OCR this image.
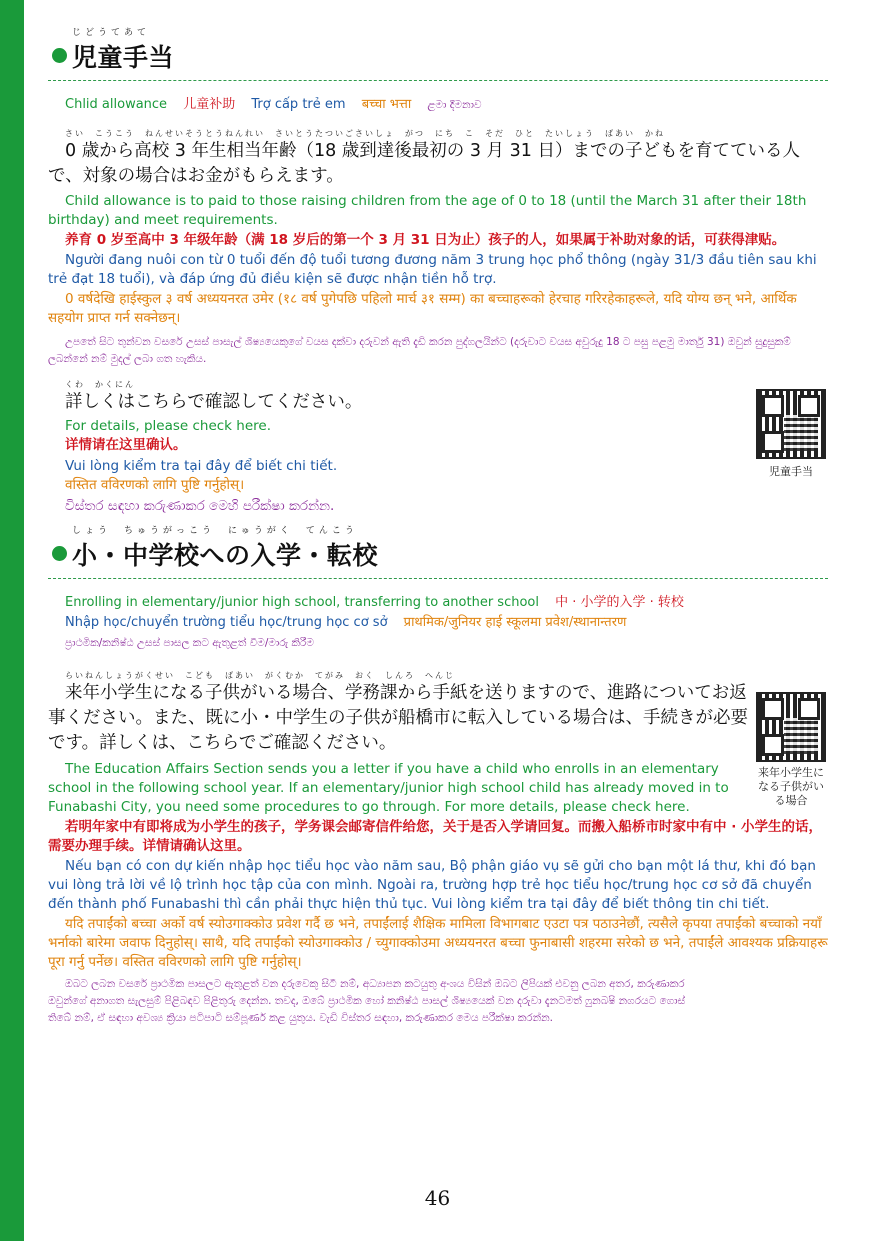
じどうてあて
児童手当
Chlid allowance 儿童补助 Trợ cấp trẻ em बच्चा भत्ता ළමා දීමනාව
さい　こうこう　ねんせいそうとうねんれい　さいとうたついごさいしょ　がつ　にち　こ　そだ　ひと　たいしょう　ばあい　かね

0 歳から高校 3 年生相当年齢（18 歳到達後最初の 3 月 31 日）までの子どもを育てている人で、対象の場合はお金がもらえます。

Child allowance is to paid to those raising children from the age of 0 to 18 (until the March 31 after their 18th birthday) and meet requirements.

养育 0 岁至高中 3 年级年龄（满 18 岁后的第一个 3 月 31 日为止）孩子的人，如果属于补助对象的话，可获得津贴。

Người đang nuôi con từ 0 tuổi đến độ tuổi tương đương năm 3 trung học phổ thông (ngày 31/3 đầu tiên sau khi trẻ đạt 18 tuổi), và đáp ứng đủ điều kiện sẽ được nhận tiền hỗ trợ.

0 वर्षदेखि हाईस्कुल ३ वर्ष अध्ययनरत उमेर (१८ वर्ष पुगेपछि पहिलो मार्च ३१ सम्म) का बच्चाहरूको हेरचाह गरिरहेकाहरूले, यदि योग्य छन् भने, आर्थिक सहयोग प्राप्त गर्न सक्नेछन्।

උපතේ සිට තුන්වන වසරේ උසස් පාසැල් ශිෂ්‍යයෙකුගේ වයස දක්වා දරුවන් ඇති දැඩි කරන පුද්ගලයින්ට (දරුවාට වයස අවුරුදු 18 ට පසු පළමු මාර්තු 31) ඔවුන් සුදුසුකම් ලබන්නේ නම් මුදල් ලබා ගත හැකිය.

くわ　かくにん

詳しくはこちらで確認してください。

For details, please check here.

详情请在这里确认。

Vui lòng kiểm tra tại đây để biết chi tiết.

वस्तित वविरणको लागि पुष्टि गर्नुहोस्।

විස්තර සඳහා කරුණාකර මෙහි පරීක්ෂා කරන්න.

児童手当
しょう　ちゅうがっこう　にゅうがく　てんこう
小・中学校への入学・転校
Enrolling in elementary/junior high school, transferring to another school 中 · 小学的入学 · 转校
Nhập học/chuyển trường tiểu học/trung học cơ sở प्राथमिक/जुनियर हाई स्कूलमा प्रवेश/स्थानान्तरण
ප්‍රාථමික/කනිෂ්ඨ උසස් පාසල කට ඇතුළත් වීම/මාරු කිරීම
らいねんしょうがくせい　こども　ばあい　がくむか　てがみ　おく　しんろ　へんじ

来年小学生になる子供がいる場合、学務課から手紙を送りますので、進路についてお返事ください。また、既に小・中学生の子供が船橋市に転入している場合は、手続きが必要です。詳しくは、こちらでご確認ください。

The Education Affairs Section sends you a letter if you have a child who enrolls in an elementary school in the following school year. If an elementary/junior high school child has already moved in to Funabashi City, you need some procedures to go through. For more details, please check here.

若明年家中有即将成为小学生的孩子，学务课会邮寄信件给您，关于是否入学请回复。而搬入船桥市时家中有中 · 小学生的话，需要办理手续。详情请确认这里。

Nếu bạn có con dự kiến nhập học tiểu học vào năm sau, Bộ phận giáo vụ sẽ gửi cho bạn một lá thư, khi đó bạn vui lòng trả lời về lộ trình học tập của con mình. Ngoài ra, trường hợp trẻ học tiểu học/trung học cơ sở đã chuyển đến thành phố Funabashi thì cần phải thực hiện thủ tục. Vui lòng kiểm tra tại đây để biết thông tin chi tiết.

यदि तपाईंको बच्चा अर्को वर्ष स्योउगाक्कोउ प्रवेश गर्दै छ भने, तपाईंलाई शैक्षिक मामिला विभागबाट एउटा पत्र पठाउनेछौं, त्यसैले कृपया तपाईंको बच्चाको नयाँ भर्नाको बारेमा जवाफ दिनुहोस्। साथै, यदि तपाईंको स्योउगाक्कोउ / च्युगाक्कोउमा अध्ययनरत बच्चा फुनाबासी शहरमा सरेको छ भने, तपाईंले आवश्यक प्रक्रियाहरू पूरा गर्नु पर्नेछ। वस्तित वविरणको लागि पुष्टि गर्नुहोस्।

ඔබට ලබන වසරේ ප්‍රාථමික පාසලට ඇතුළත් වන දරුවෙකු සිටී නම්, අධ්‍යාපන කටයුතු අංශය විසින් ඔබට ලිපියක් එවනු ලබන අතර, කරුණාකර ඔවුන්ගේ අනාගත සැලසුම් පිළිබඳව පිළිතුරු දෙන්න. තවද, ඔබේ ප්‍රාථමික හෝ කනිෂ්ඨ පාසල් ශිෂ්‍යයෙක් වන දරුවා දැනටමත් ෆුනබෂි නගරයට ගොස් තිබේ නම්, ඒ සඳහා අවශ්‍ය ක්‍රියා පටිපාටි සම්පූර්ණ කළ යුතුය. වැඩි විස්තර සඳහා, කරුණාකර මෙය පරීක්ෂා කරන්න.

来年小学生になる子供がいる場合
46
